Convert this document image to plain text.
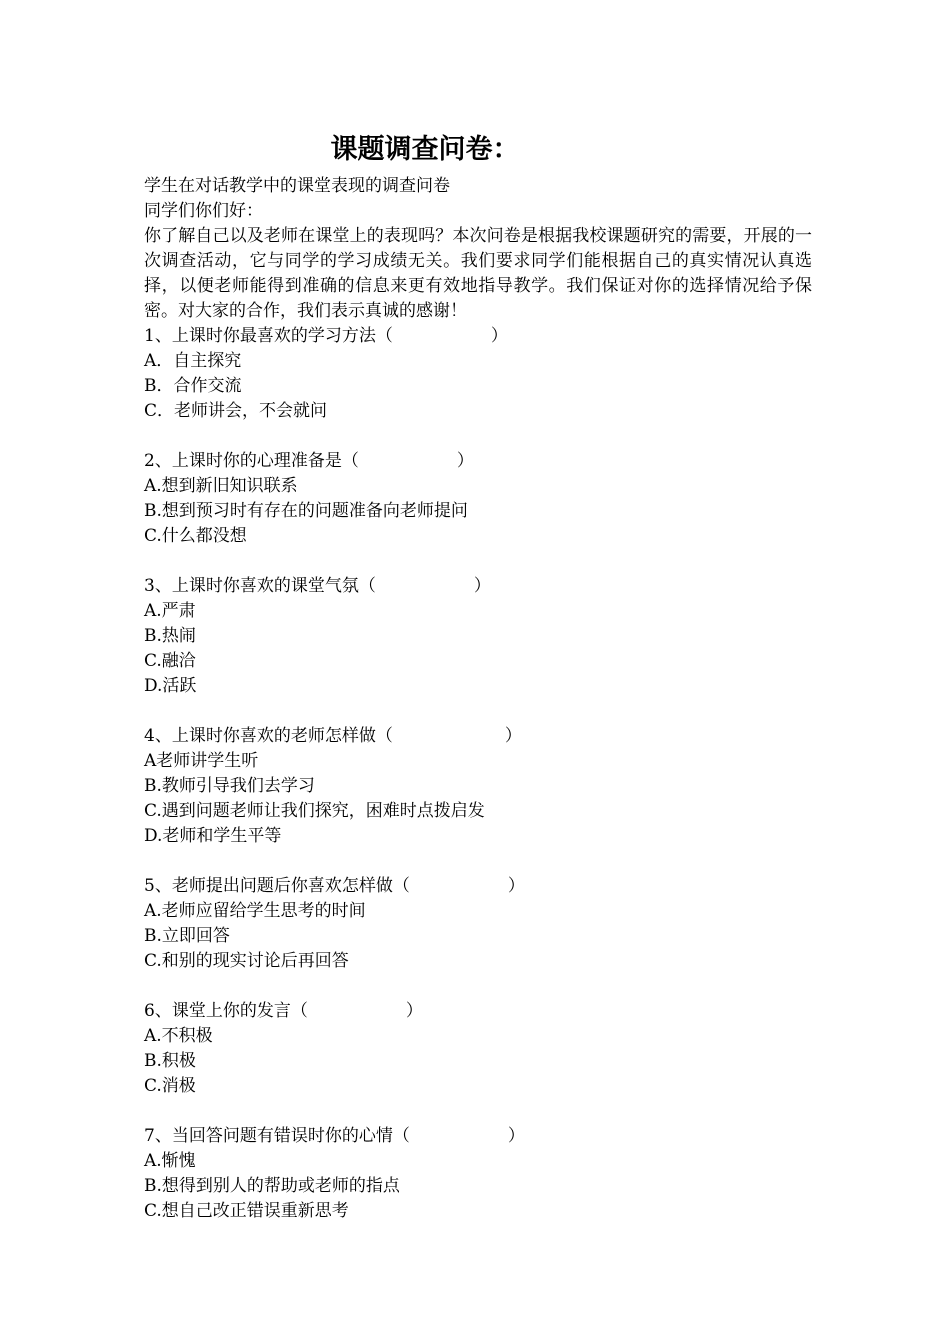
课题调查问卷：
学生在对话教学中的课堂表现的调查问卷
同学们你们好：
你了解自己以及老师在课堂上的表现吗？本次问卷是根据我校课题研究的需要，开展的一次调查活动，它与同学的学习成绩无关。我们要求同学们能根据自己的真实情况认真选择，以便老师能得到准确的信息来更有效地指导教学。我们保证对你的选择情况给予保密。对大家的合作，我们表示真诚的感谢！
1、上课时你最喜欢的学习方法（	）
A．自主探究
B．合作交流
C．老师讲会，不会就问
2、上课时你的心理准备是（	）
A.想到新旧知识联系
B.想到预习时有存在的问题准备向老师提问
C.什么都没想
3、上课时你喜欢的课堂气氛（	）
A.严肃
B.热闹
C.融洽
D.活跃
4、上课时你喜欢的老师怎样做（	）
A老师讲学生听
B.教师引导我们去学习
C.遇到问题老师让我们探究，困难时点拨启发
D.老师和学生平等
5、老师提出问题后你喜欢怎样做（	）
A.老师应留给学生思考的时间
B.立即回答
C.和别的现实讨论后再回答
6、课堂上你的发言（	）
A.不积极
B.积极
C.消极
7、当回答问题有错误时你的心情（	）
A.惭愧
B.想得到别人的帮助或老师的指点
C.想自己改正错误重新思考
